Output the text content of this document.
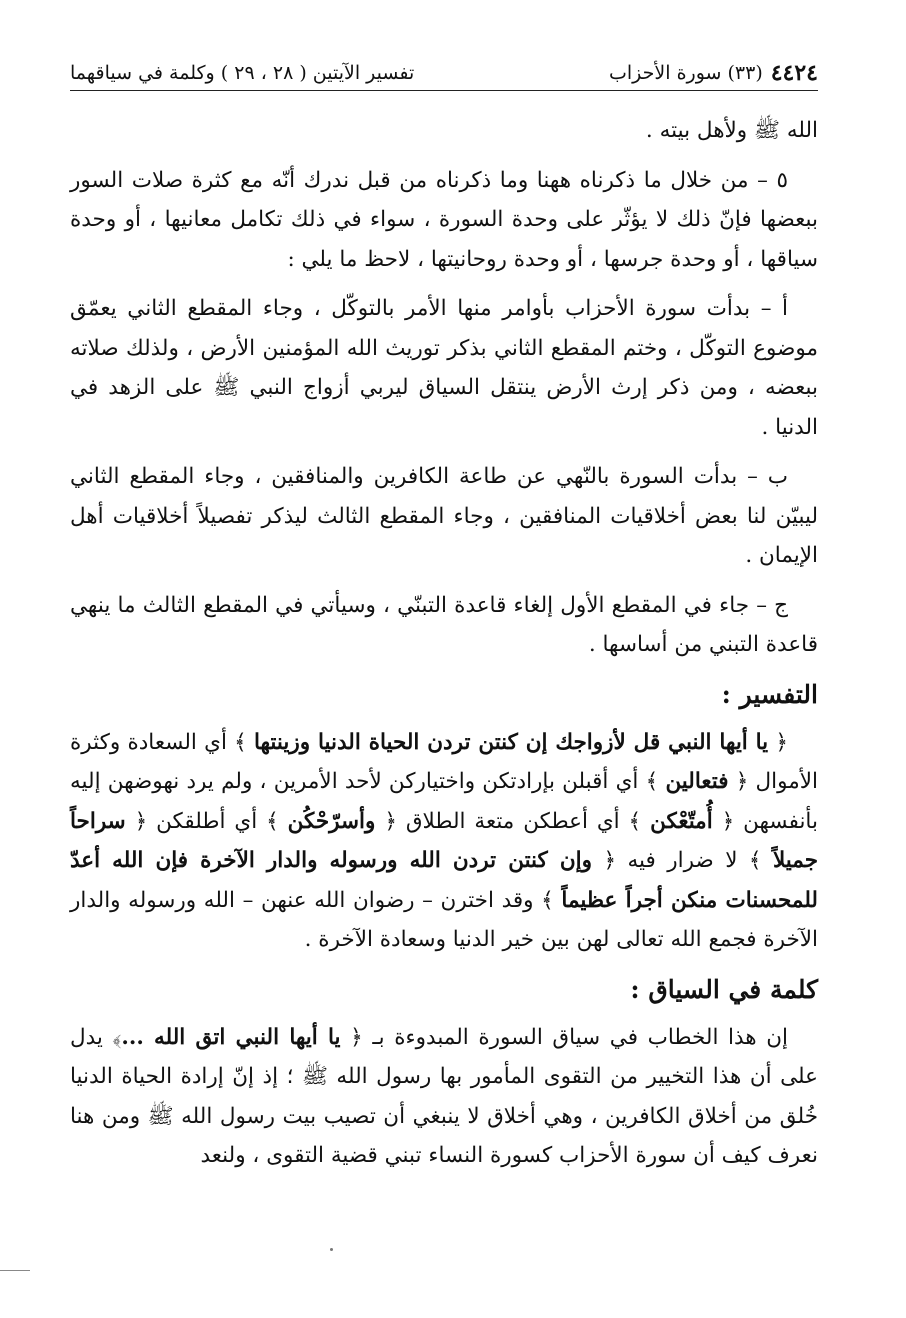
٤٤٢٤
(٣٣) سورة الأحزاب
تفسير الآيتين ( ٢٨ ، ٢٩ ) وكلمة في سياقهما

الله ﷺ ولأهل بيته .

٥ – من خلال ما ذكرناه ههنا وما ذكرناه من قبل ندرك أنّه مع كثرة صلات السور ببعضها فإنّ ذلك لا يؤثّر على وحدة السورة ، سواء في ذلك تكامل معانيها ، أو وحدة سياقها ، أو وحدة جرسها ، أو وحدة روحانيتها ، لاحظ ما يلي :

أ – بدأت سورة الأحزاب بأوامر منها الأمر بالتوكّل ، وجاء المقطع الثاني يعمّق موضوع التوكّل ، وختم المقطع الثاني بذكر توريث الله المؤمنين الأرض ، ولذلك صلاته ببعضه ، ومن ذكر إرث الأرض ينتقل السياق ليربي أزواج النبي ﷺ على الزهد في الدنيا .

ب – بدأت السورة بالنّهي عن طاعة الكافرين والمنافقين ، وجاء المقطع الثاني ليبيّن لنا بعض أخلاقيات المنافقين ، وجاء المقطع الثالث ليذكر تفصيلاً أخلاقيات أهل الإيمان .

ج – جاء في المقطع الأول إلغاء قاعدة التبنّي ، وسيأتي في المقطع الثالث ما ينهي قاعدة التبني من أساسها .

التفسير :

﴿ يا أيها النبي قل لأزواجك إن كنتن تردن الحياة الدنيا وزينتها ﴾ أي السعادة وكثرة الأموال ﴿ فتعالين ﴾ أي أقبلن بإرادتكن واختياركن لأحد الأمرين ، ولم يرد نهوضهن إليه بأنفسهن ﴿ أُمتّعْكن ﴾ أي أعطكن متعة الطلاق ﴿ وأسرّحْكُن ﴾ أي أطلقكن ﴿ سراحاً جميلاً ﴾ لا ضرار فيه ﴿ وإن كنتن تردن الله ورسوله والدار الآخرة فإن الله أعدّ للمحسنات منكن أجراً عظيماً ﴾ وقد اخترن – رضوان الله عنهن – الله ورسوله والدار الآخرة فجمع الله تعالى لهن بين خير الدنيا وسعادة الآخرة .

كلمة في السياق :

إن هذا الخطاب في سياق السورة المبدوءة بـ ﴿ يا أيها النبي اتق الله ...﴾ يدل على أن هذا التخيير من التقوى المأمور بها رسول الله ﷺ ؛ إذ إنّ إرادة الحياة الدنيا خُلق من أخلاق الكافرين ، وهي أخلاق لا ينبغي أن تصيب بيت رسول الله ﷺ ومن هنا نعرف كيف أن سورة الأحزاب كسورة النساء تبني قضية التقوى ، ولنعد
